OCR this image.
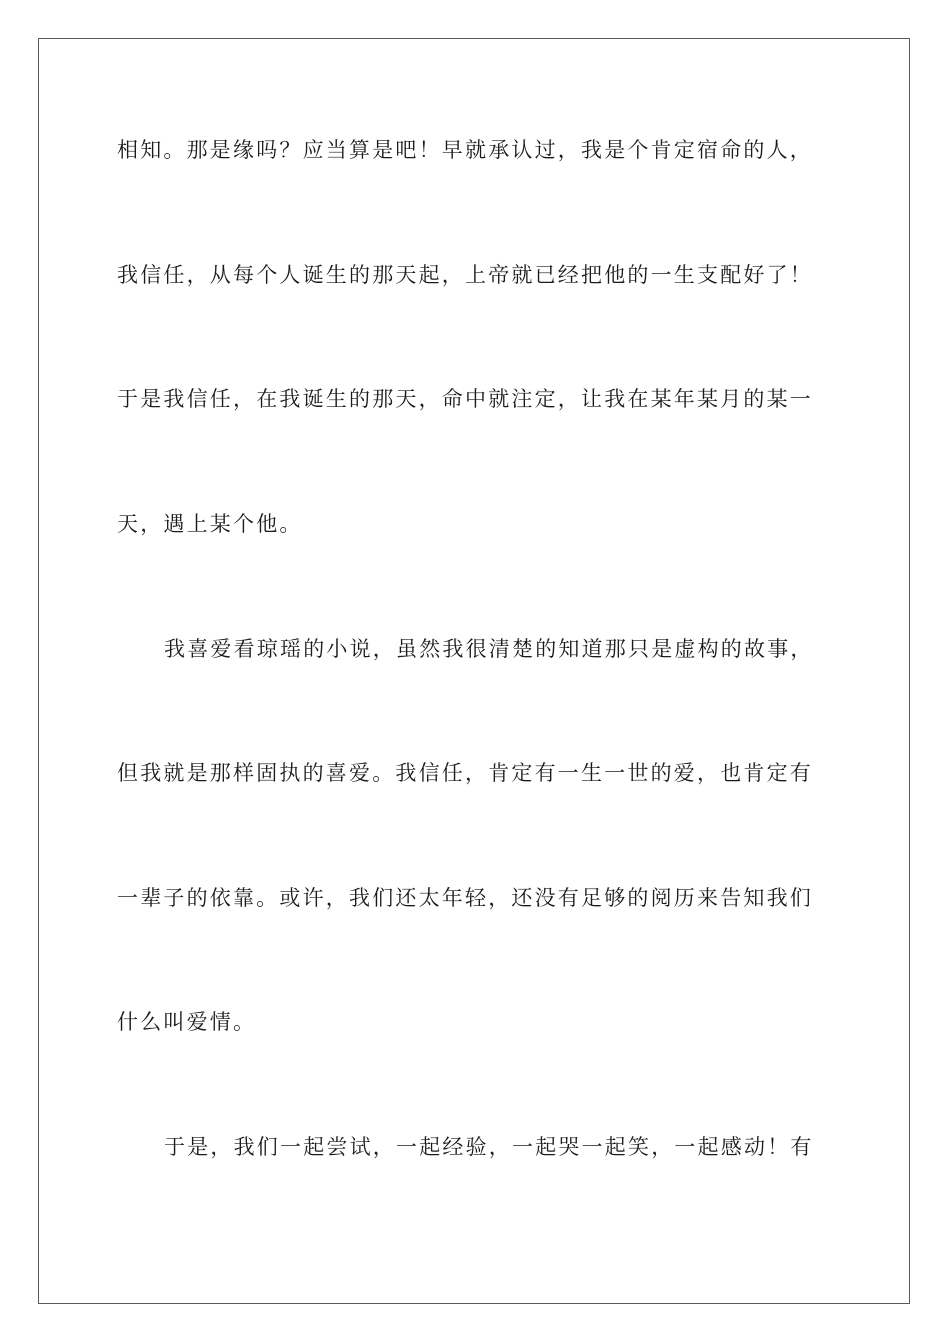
相知。那是缘吗？应当算是吧！早就承认过，我是个肯定宿命的人，
我信任，从每个人诞生的那天起，上帝就已经把他的一生支配好了！
于是我信任，在我诞生的那天，命中就注定，让我在某年某月的某一
天，遇上某个他。
我喜爱看琼瑶的小说，虽然我很清楚的知道那只是虚构的故事，
但我就是那样固执的喜爱。我信任，肯定有一生一世的爱，也肯定有
一辈子的依靠。或许，我们还太年轻，还没有足够的阅历来告知我们
什么叫爱情。
于是，我们一起尝试，一起经验，一起哭一起笑，一起感动！有
